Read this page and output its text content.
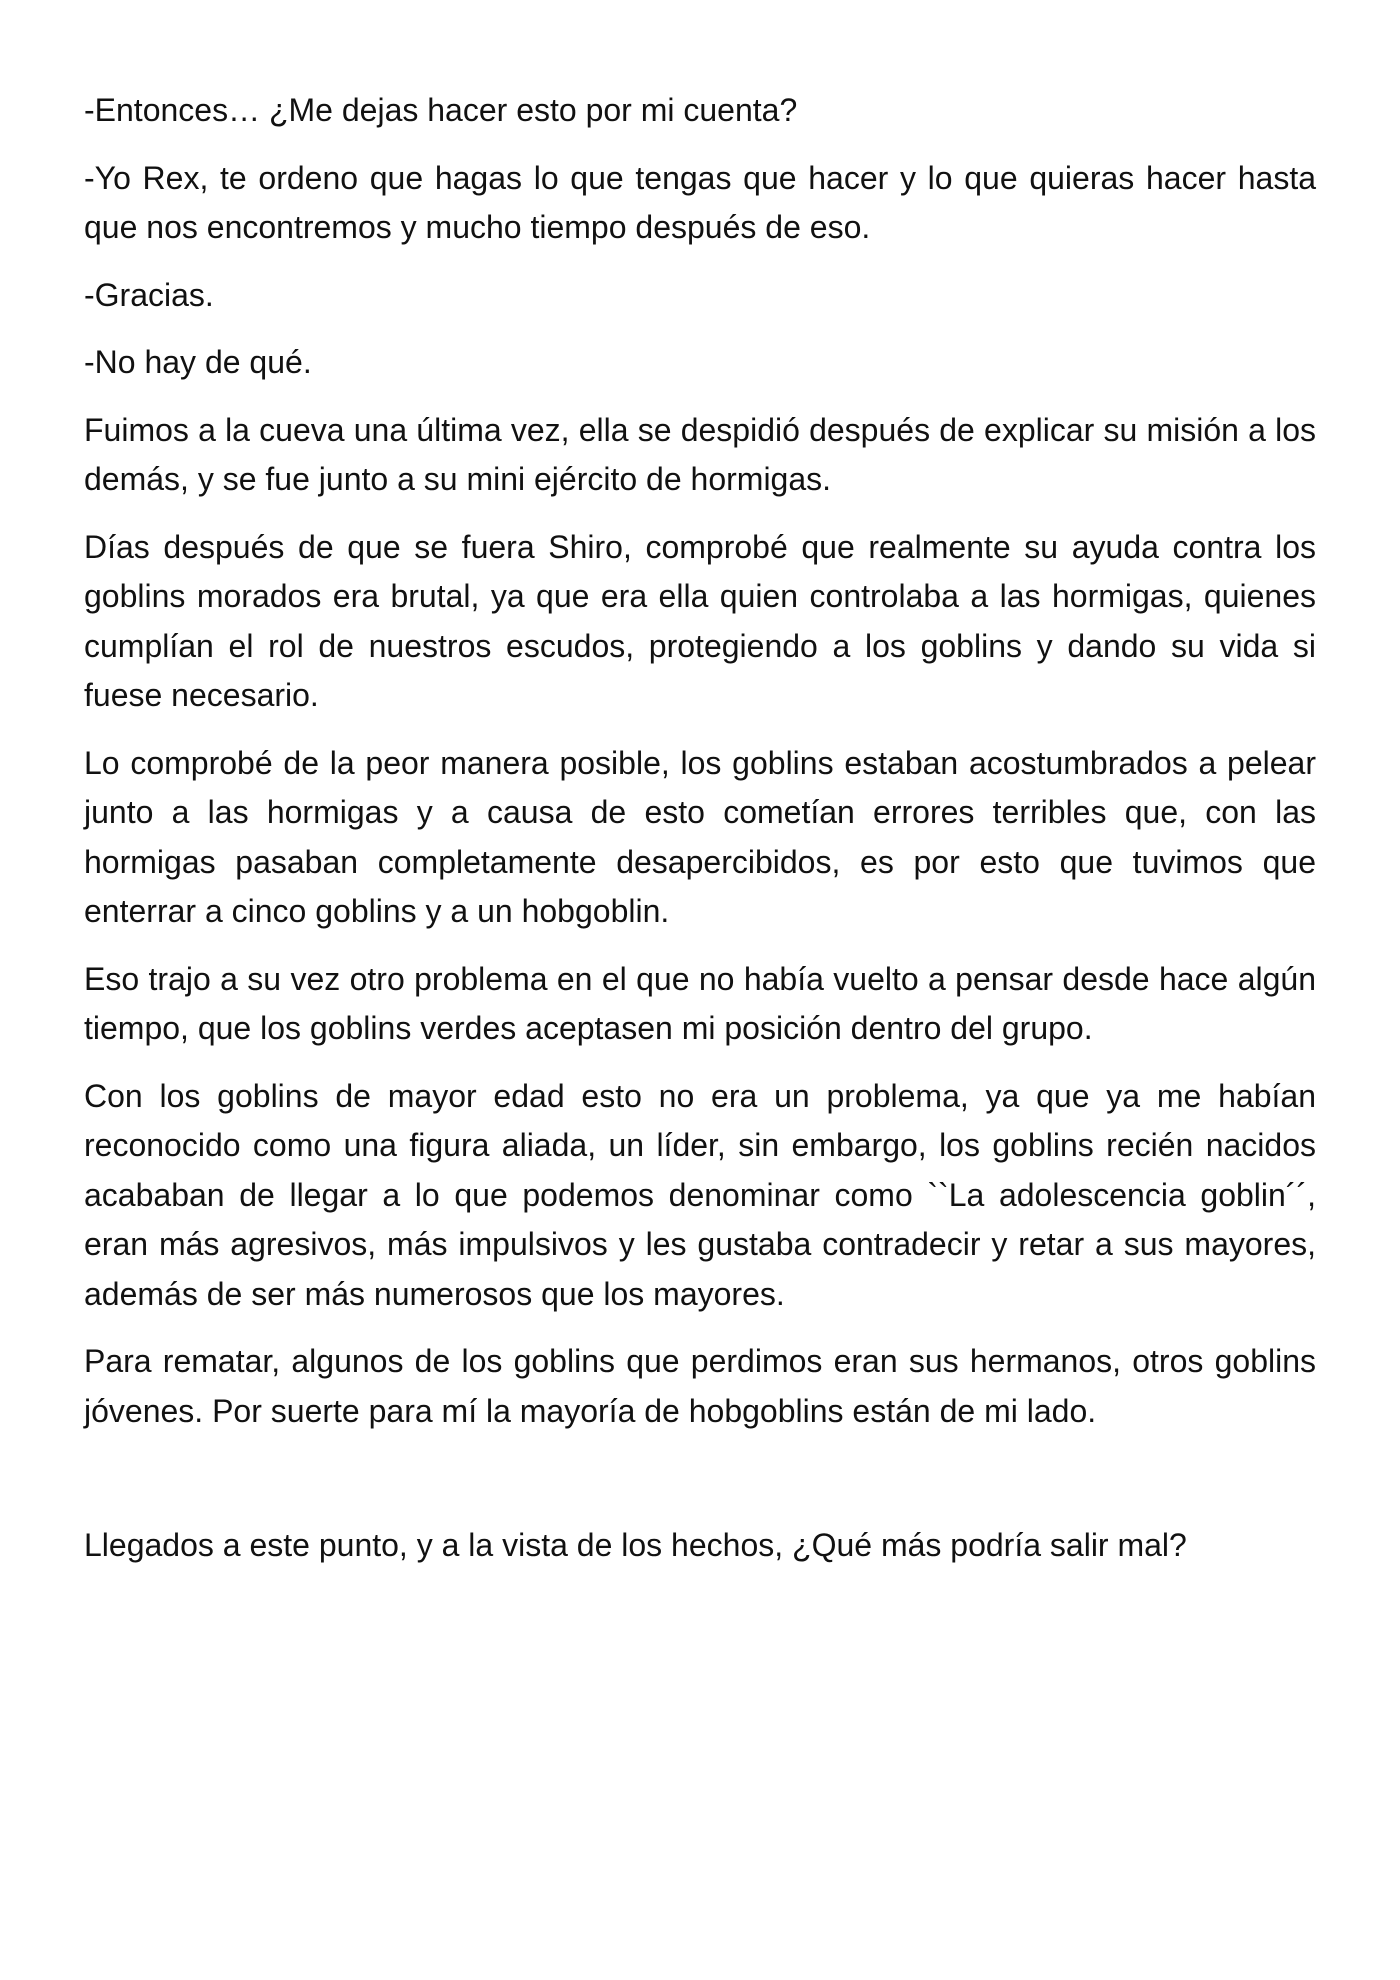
-Entonces… ¿Me dejas hacer esto por mi cuenta?

-Yo Rex, te ordeno que hagas lo que tengas que hacer y lo que quieras hacer hasta que nos encontremos y mucho tiempo después de eso.

-Gracias.

-No hay de qué.

Fuimos a la cueva una última vez, ella se despidió después de explicar su misión a los demás, y se fue junto a su mini ejército de hormigas.

Días después de que se fuera Shiro, comprobé que realmente su ayuda contra los goblins morados era brutal, ya que era ella quien controlaba a las hormigas, quienes cumplían el rol de nuestros escudos, protegiendo a los goblins y dando su vida si fuese necesario.

Lo comprobé de la peor manera posible, los goblins estaban acostumbrados a pelear junto a las hormigas y a causa de esto cometían errores terribles que, con las hormigas pasaban completamente desapercibidos, es por esto que tuvimos que enterrar a cinco goblins y a un hobgoblin.

Eso trajo a su vez otro problema en el que no había vuelto a pensar desde hace algún tiempo, que los goblins verdes aceptasen mi posición dentro del grupo.

Con los goblins de mayor edad esto no era un problema, ya que ya me habían reconocido como una figura aliada, un líder, sin embargo, los goblins recién nacidos acababan de llegar a lo que podemos denominar como ``La adolescencia goblin´´, eran más agresivos, más impulsivos y les gustaba contradecir y retar a sus mayores, además de ser más numerosos que los mayores.

Para rematar, algunos de los goblins que perdimos eran sus hermanos, otros goblins jóvenes. Por suerte para mí la mayoría de hobgoblins están de mi lado.

Llegados a este punto, y a la vista de los hechos, ¿Qué más podría salir mal?
